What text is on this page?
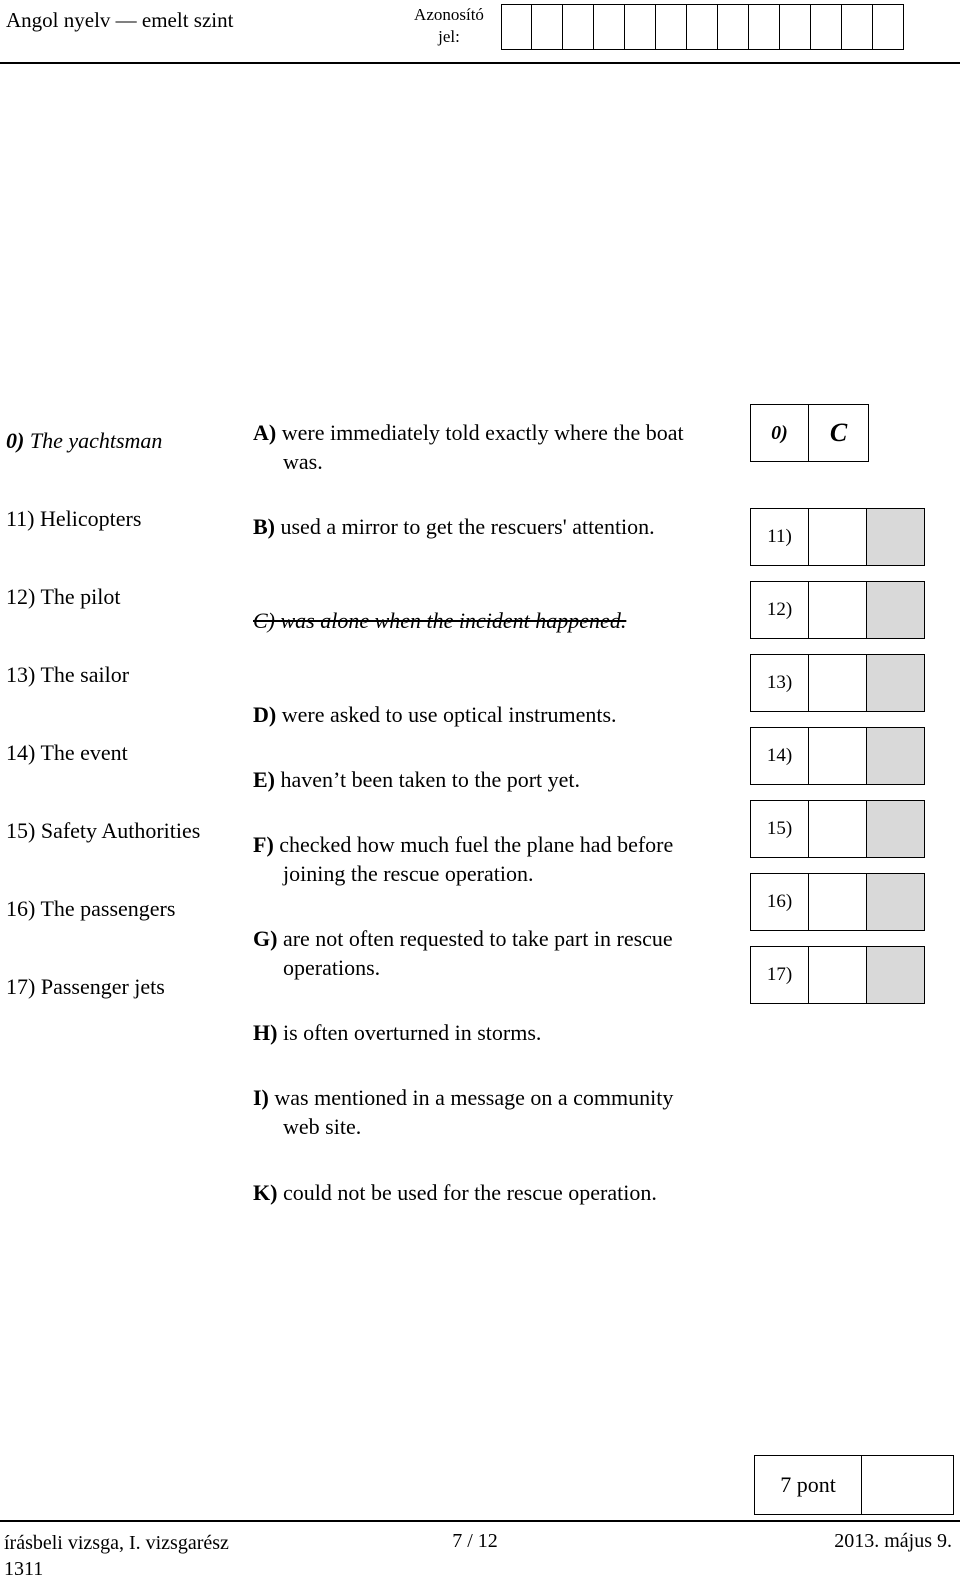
Angol nyelv — emelt szint	Azonosító
jel:
0) The yachtsman
11) Helicopters
12) The pilot
13) The sailor
14) The event
15) Safety Authorities
16) The passengers
17) Passenger jets
A) were immediately told exactly where the boat was.
B) used a mirror to get the rescuers' attention.
C) was alone when the incident happened.
D) were asked to use optical instruments.
E) haven’t been taken to the port yet.
F) checked how much fuel the plane had before joining the rescue operation.
G) are not often requested to take part in rescue operations.
H) is often overturned in storms.
I) was mentioned in a message on a community web site.
K) could not be used for the rescue operation.
0)	C
11)
12)
13)
14)
15)
16)
17)
7 pont
írásbeli vizsga, I. vizsgarész
1311
7 / 12	2013. május 9.
